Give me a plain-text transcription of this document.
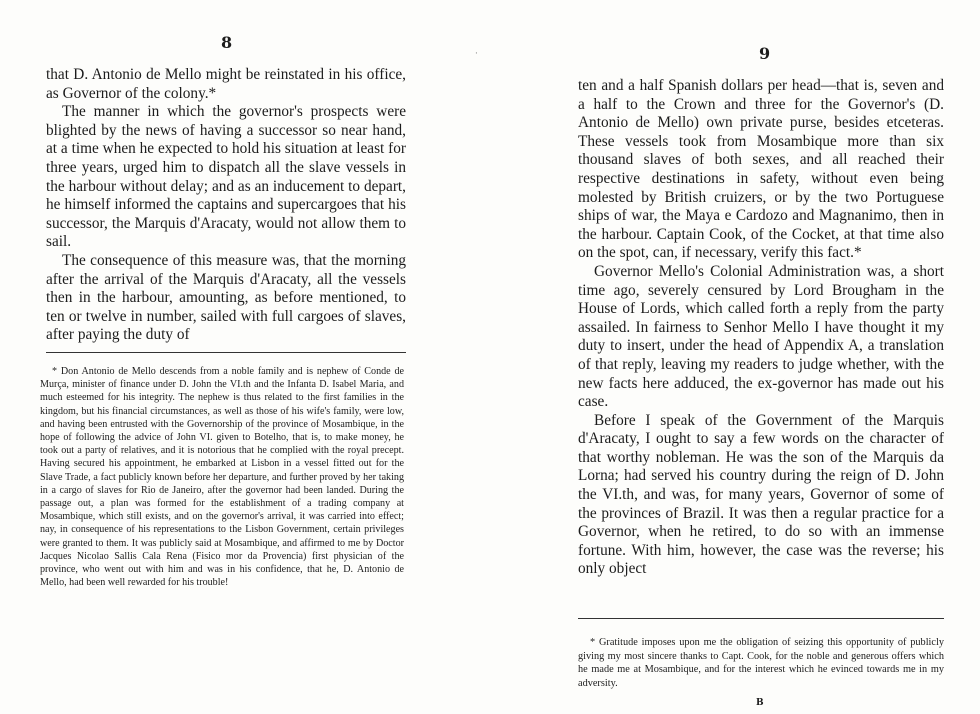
8

that D. Antonio de Mello might be reinstated in his office, as Governor of the colony.*

The manner in which the governor's prospects were blighted by the news of having a successor so near hand, at a time when he expected to hold his situation at least for three years, urged him to dispatch all the slave vessels in the harbour without delay; and as an inducement to depart, he himself informed the captains and supercargoes that his successor, the Marquis d'Aracaty, would not allow them to sail.

The consequence of this measure was, that the morning after the arrival of the Marquis d'Aracaty, all the vessels then in the harbour, amounting, as before mentioned, to ten or twelve in number, sailed with full cargoes of slaves, after paying the duty of

* Don Antonio de Mello descends from a noble family and is nephew of Conde de Murça, minister of finance under D. John the VI.th and the Infanta D. Isabel Maria, and much esteemed for his integrity. The nephew is thus related to the first families in the kingdom, but his financial circumstances, as well as those of his wife's family, were low, and having been entrusted with the Governorship of the province of Mosambique, in the hope of following the advice of John VI. given to Botelho, that is, to make money, he took out a party of relatives, and it is notorious that he complied with the royal precept. Having secured his appointment, he embarked at Lisbon in a vessel fitted out for the Slave Trade, a fact publicly known before her departure, and further proved by her taking in a cargo of slaves for Rio de Janeiro, after the governor had been landed. During the passage out, a plan was formed for the establishment of a trading company at Mosambique, which still exists, and on the governor's arrival, it was carried into effect; nay, in consequence of his representations to the Lisbon Government, certain privileges were granted to them. It was publicly said at Mosambique, and affirmed to me by Doctor Jacques Nicolao Sallis Cala Rena (Fisico mor da Provencia) first physician of the province, who went out with him and was in his confidence, that he, D. Antonio de Mello, had been well rewarded for his trouble!

·	9

ten and a half Spanish dollars per head—that is, seven and a half to the Crown and three for the Governor's (D. Antonio de Mello) own private purse, besides etceteras. These vessels took from Mosambique more than six thousand slaves of both sexes, and all reached their respective destinations in safety, without even being molested by British cruizers, or by the two Portuguese ships of war, the Maya e Cardozo and Magnanimo, then in the harbour. Captain Cook, of the Cocket, at that time also on the spot, can, if necessary, verify this fact.*

Governor Mello's Colonial Administration was, a short time ago, severely censured by Lord Brougham in the House of Lords, which called forth a reply from the party assailed. In fairness to Senhor Mello I have thought it my duty to insert, under the head of Appendix A, a translation of that reply, leaving my readers to judge whether, with the new facts here adduced, the ex-governor has made out his case.

Before I speak of the Government of the Marquis d'Aracaty, I ought to say a few words on the character of that worthy nobleman. He was the son of the Marquis da Lorna; had served his country during the reign of D. John the VI.th, and was, for many years, Governor of some of the provinces of Brazil. It was then a regular practice for a Governor, when he retired, to do so with an immense fortune. With him, however, the case was the reverse; his only object

* Gratitude imposes upon me the obligation of seizing this opportunity of publicly giving my most sincere thanks to Capt. Cook, for the noble and generous offers which he made me at Mosambique, and for the interest which he evinced towards me in my adversity.

B
